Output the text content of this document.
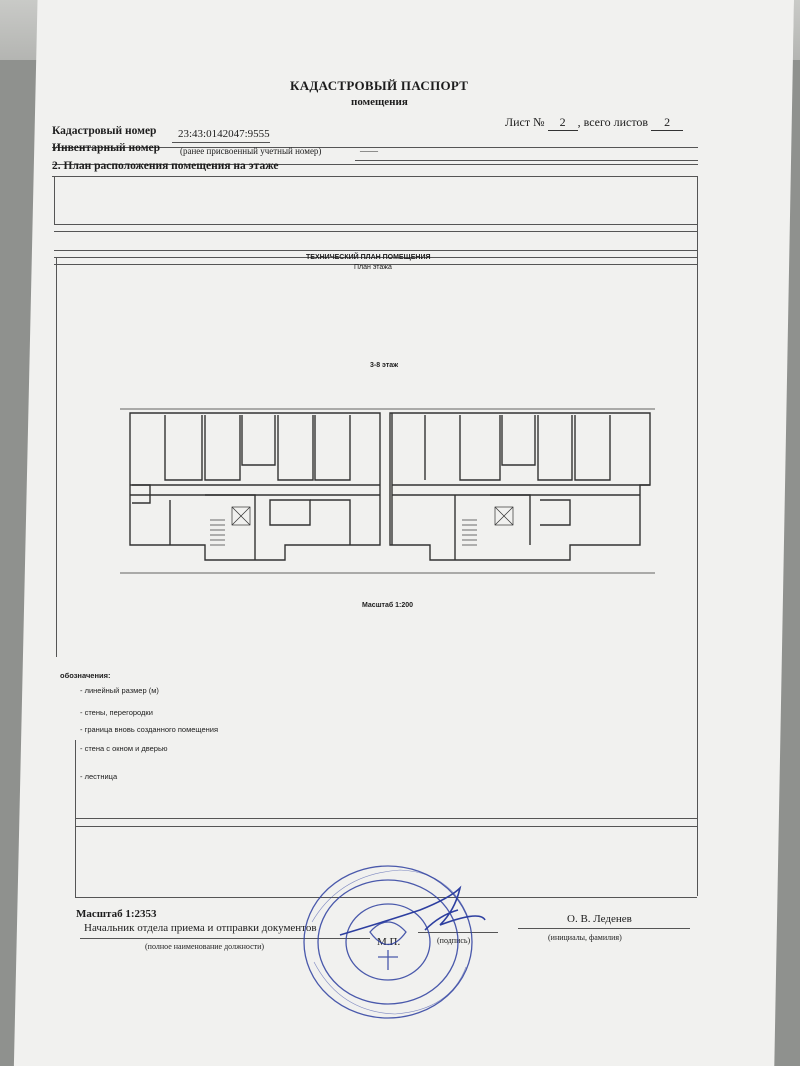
КАДАСТРОВЫЙ ПАСПОРТ
помещения
Лист № 2 , всего листов 2
Кадастровый номер 23:43:0142047:9555
Инвентарный номер (ранее присвоенный учетный номер)	——
2. План расположения помещения на этаже
ТЕХНИЧЕСКИЙ ПЛАН ПОМЕЩЕНИЯ
План этажа
3-8 этаж
Масштаб 1:200
обозначения:
- линейный размер (м)
- стены, перегородки
- граница вновь созданного помещения
- стена с окном и дверью
- лестница
Масштаб 1:2353
Начальник отдела приема и отправки документов
(полное наименование должности)	М.П.	(подпись)
О. В. Леденев
(инициалы, фамилия)
